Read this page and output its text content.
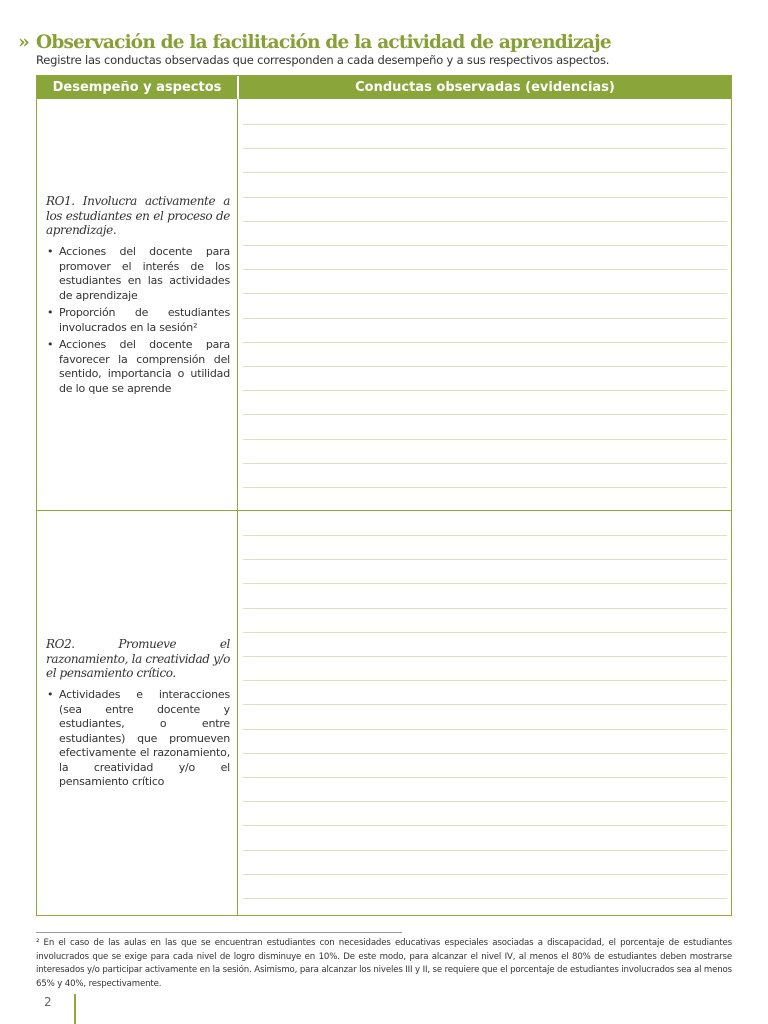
» Observación de la facilitación de la actividad de aprendizaje
Registre las conductas observadas que corresponden a cada desempeño y a sus respectivos aspectos.
Desempeño y aspectos	Conductas observadas (evidencias)
RO1. Involucra activamente a los estudiantes en el proceso de aprendizaje.
• Acciones del docente para promover el interés de los estudiantes en las actividades de aprendizaje
• Proporción de estudiantes involucrados en la sesión²
• Acciones del docente para favorecer la comprensión del sentido, importancia o utilidad de lo que se aprende
RO2. Promueve el razonamiento, la creatividad y/o el pensamiento crítico.
• Actividades e interacciones (sea entre docente y estudiantes, o entre estudiantes) que promueven efectivamente el razonamiento, la creatividad y/o el pensamiento crítico
² En el caso de las aulas en las que se encuentran estudiantes con necesidades educativas especiales asociadas a discapacidad, el porcentaje de estudiantes involucrados que se exige para cada nivel de logro disminuye en 10%. De este modo, para alcanzar el nivel IV, al menos el 80% de estudiantes deben mostrarse interesados y/o participar activamente en la sesión. Asimismo, para alcanzar los niveles III y II, se requiere que el porcentaje de estudiantes involucrados sea al menos 65% y 40%, respectivamente.
2
